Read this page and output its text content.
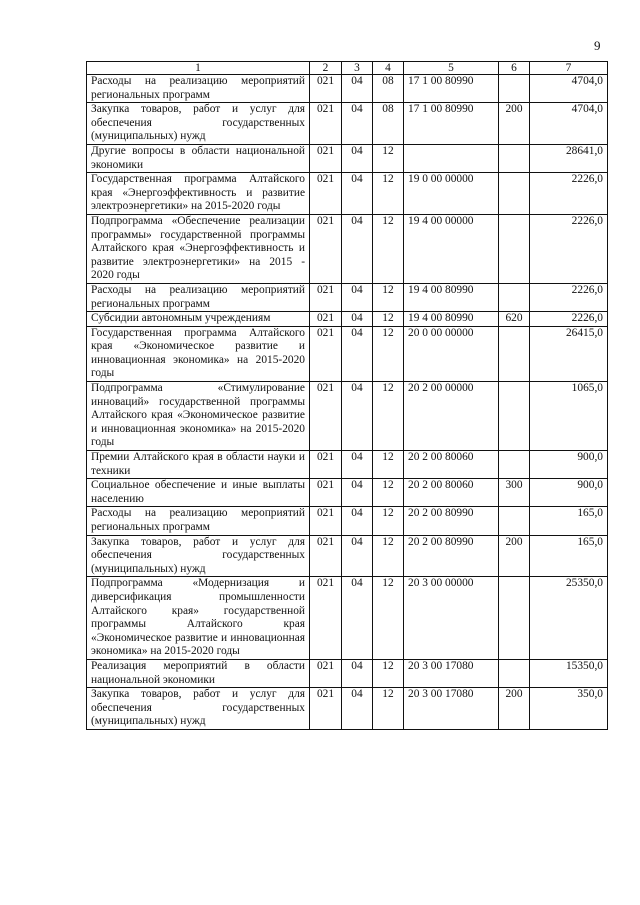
9
1	2	3	4	5	6	7
Расходы на реализацию мероприятий региональных программ	021	04	08	17 1 00 80990		4704,0
Закупка товаров, работ и услуг для обеспечения государственных (муниципальных) нужд	021	04	08	17 1 00 80990	200	4704,0
Другие вопросы в области национальной экономики	021	04	12			28641,0
Государственная программа Алтайского края «Энергоэффективность и развитие электроэнергетики» на 2015-2020 годы	021	04	12	19 0 00 00000		2226,0
Подпрограмма «Обеспечение реализации программы» государственной программы Алтайского края «Энергоэффективность и развитие электроэнергетики» на 2015 - 2020 годы	021	04	12	19 4 00 00000		2226,0
Расходы на реализацию мероприятий региональных программ	021	04	12	19 4 00 80990		2226,0
Субсидии автономным учреждениям	021	04	12	19 4 00 80990	620	2226,0
Государственная программа Алтайского края «Экономическое развитие и инновационная экономика» на 2015-2020 годы	021	04	12	20 0 00 00000		26415,0
Подпрограмма «Стимулирование инноваций» государственной программы Алтайского края «Экономическое развитие и инновационная экономика» на 2015-2020 годы	021	04	12	20 2 00 00000		1065,0
Премии Алтайского края в области науки и техники	021	04	12	20 2 00 80060		900,0
Социальное обеспечение и иные выплаты населению	021	04	12	20 2 00 80060	300	900,0
Расходы на реализацию мероприятий региональных программ	021	04	12	20 2 00 80990		165,0
Закупка товаров, работ и услуг для обеспечения государственных (муниципальных) нужд	021	04	12	20 2 00 80990	200	165,0
Подпрограмма «Модернизация и диверсификация промышленности Алтайского края» государственной программы Алтайского края «Экономическое развитие и инновационная экономика» на 2015-2020 годы	021	04	12	20 3 00 00000		25350,0
Реализация мероприятий в области национальной экономики	021	04	12	20 3 00 17080		15350,0
Закупка товаров, работ и услуг для обеспечения государственных (муниципальных) нужд	021	04	12	20 3 00 17080	200	350,0
